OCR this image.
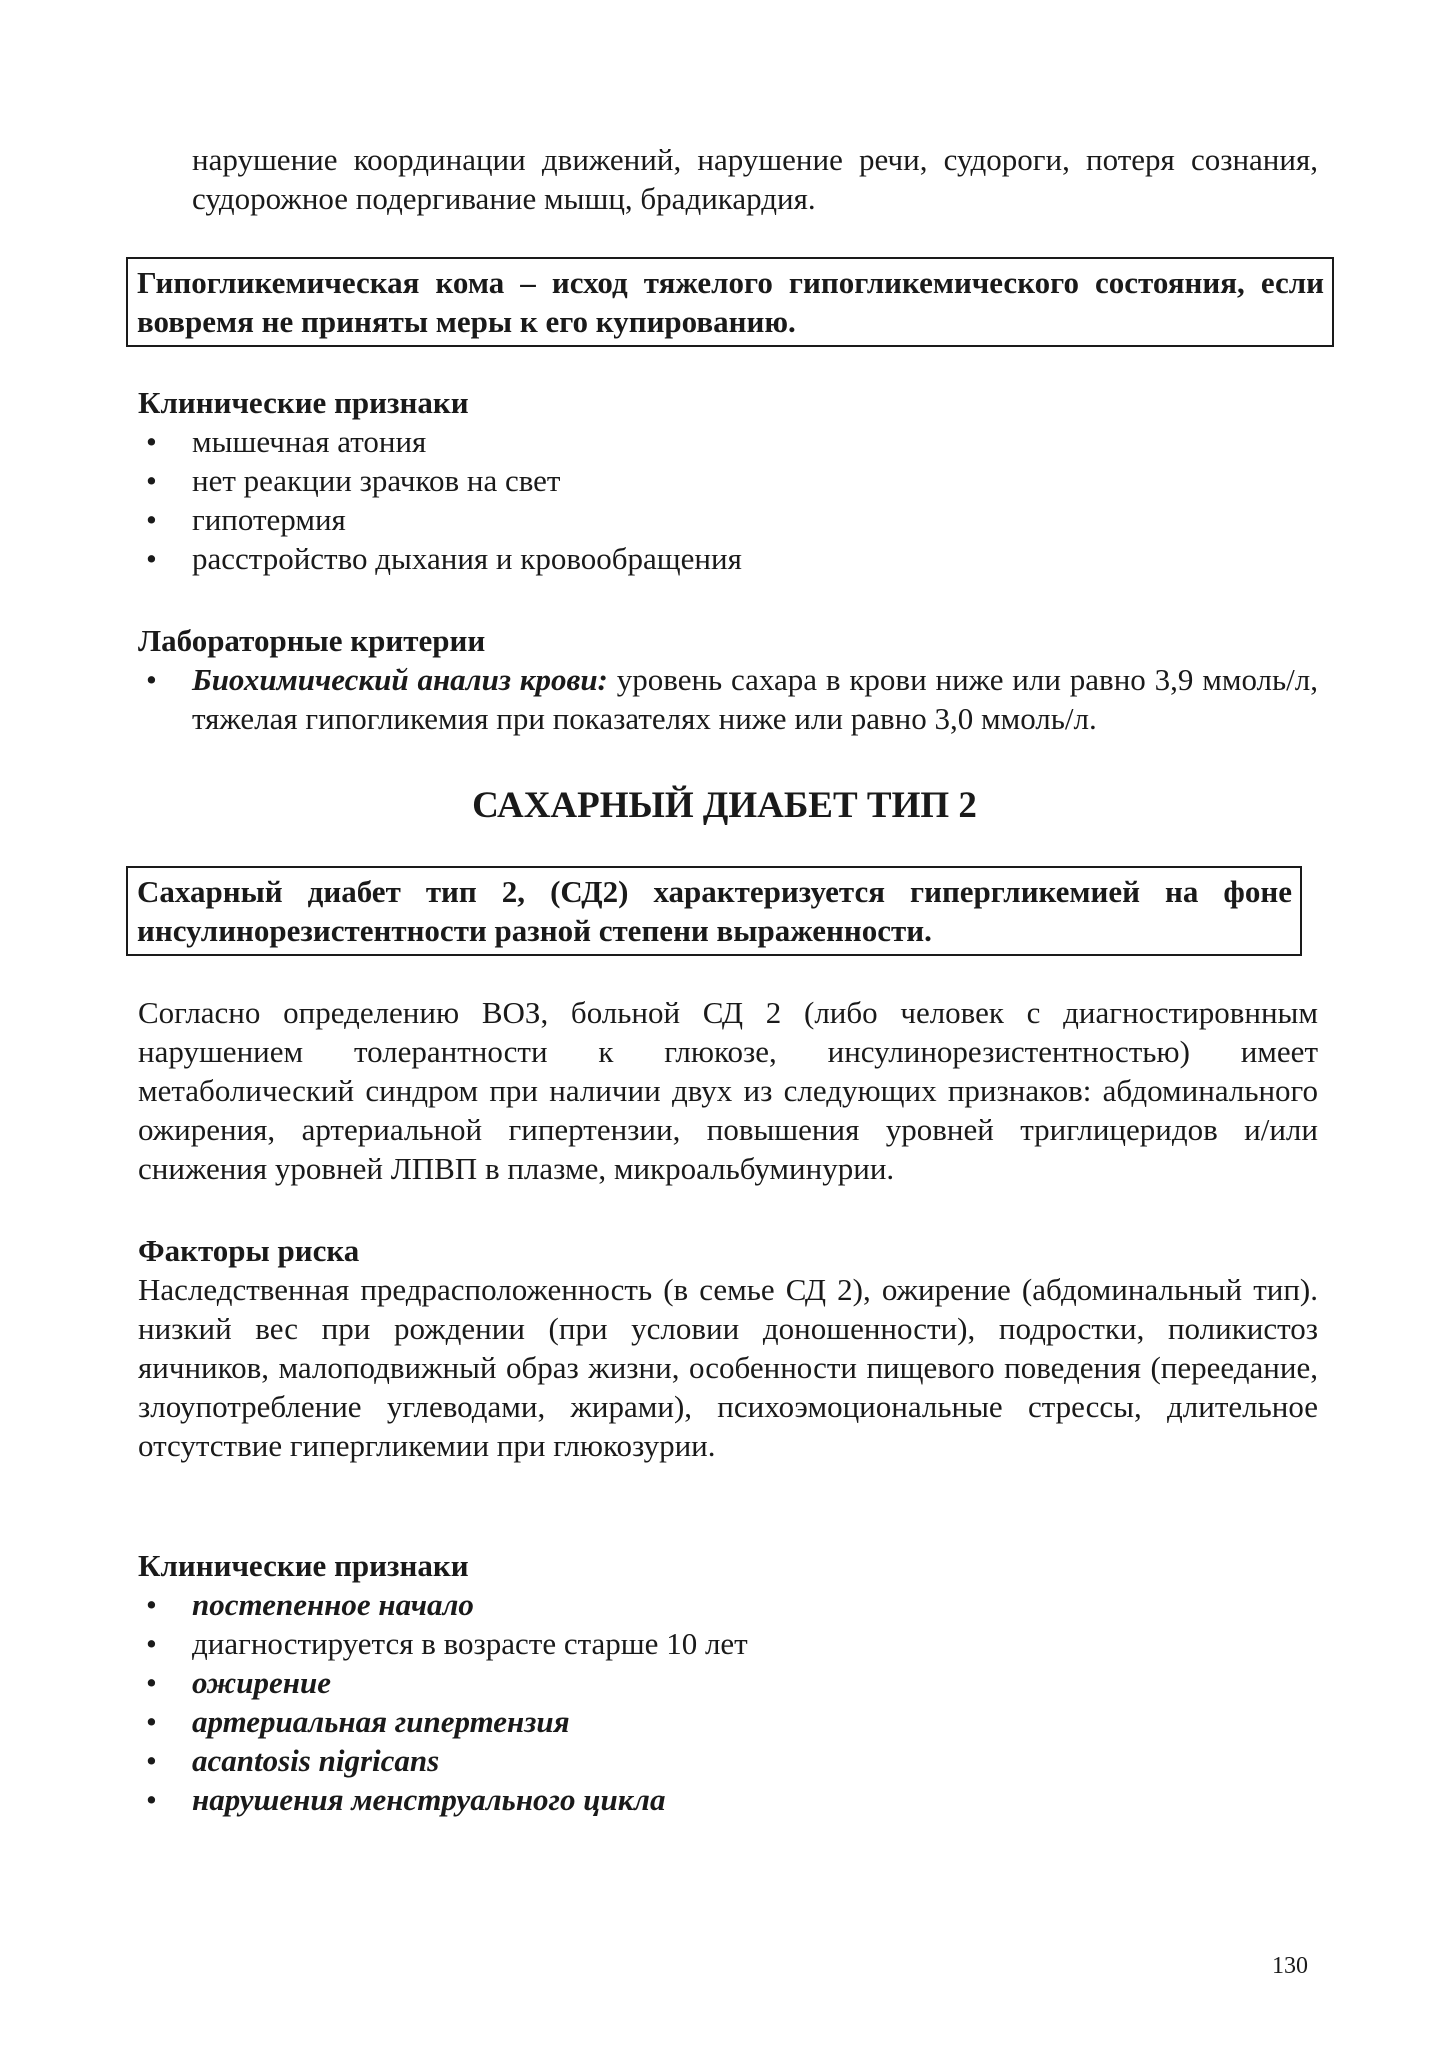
нарушение координации движений, нарушение речи, судороги, потеря сознания, судорожное подергивание мышц, брадикардия.
Гипогликемическая кома – исход тяжелого гипогликемического состояния, если вовремя не приняты меры к его купированию.
Клинические признаки
• мышечная атония
• нет реакции зрачков на свет
• гипотермия
• расстройство дыхания и кровообращения
Лабораторные критерии
• Биохимический анализ крови: уровень сахара в крови ниже или равно 3,9 ммоль/л, тяжелая гипогликемия при показателях ниже или равно 3,0 ммоль/л.
САХАРНЫЙ ДИАБЕТ ТИП 2
Сахарный диабет тип 2, (СД2) характеризуется гипергликемией на фоне инсулинорезистентности разной степени выраженности.
Согласно определению ВОЗ, больной СД 2 (либо человек с диагностировнным нарушением толерантности к глюкозе, инсулинорезистентностью) имеет метаболический синдром при наличии двух из следующих признаков: абдоминального ожирения, артериальной гипертензии, повышения уровней триглицеридов и/или снижения уровней ЛПВП в плазме, микроальбуминурии.
Факторы риска
Наследственная предрасположенность (в семье СД 2), ожирение (абдоминальный тип). низкий вес при рождении (при условии доношенности), подростки, поликистоз яичников, малоподвижный образ жизни, особенности пищевого поведения (переедание, злоупотребление углеводами, жирами), психоэмоциональные стрессы, длительное отсутствие гипергликемии при глюкозурии.
Клинические признаки
• постепенное начало
• диагностируется в возрасте старше 10 лет
• ожирение
• артериальная гипертензия
• acantosis nigricans
• нарушения менструального цикла
130
